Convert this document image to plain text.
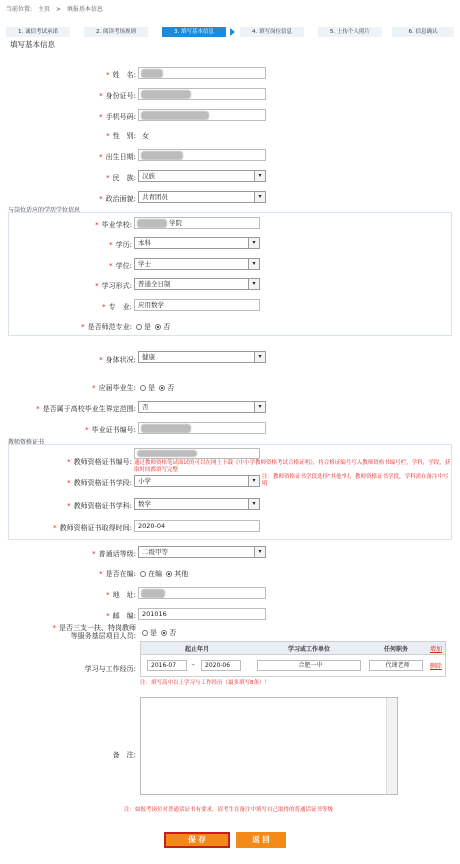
当前位置: 主页 > 填报基本信息
1. 诚信考试承诺	2. 阅读考场规则	3. 填写基本信息	4. 填写岗位信息	5. 上传个人照片	6. 信息确认
填写基本信息
* 姓　名:
* 身份证号:
* 手机号码:
* 性　别: 女
* 出生日期:
* 民　族: 汉族	▾
* 政治面貌: 共青团员	▾
与岗位适应的学历学位信息
* 毕业学校:	学院
* 学历: 本科	▾
* 学位: 学士	▾
* 学习形式: 普通全日制	▾
* 专　业: 应用数学
* 是否师范专业:	是 否
* 身体状况: 健康	▾
* 应届毕业生:	是 否
* 是否属于高校毕业生界定范围: 否	▾
* 毕业证书编号:
教师资格证书
* 教师资格证书编号: 通过教师资格笔试面试的可以在网上下载《中小学教师资格考试合格证明》，将合格证编号写入教师资格书编号栏，学科，学段，获取时间都填写完整
* 教师资格证书学段: 小学	▾	注：教师资格证书学段选择"其他"时，教师资格证书学段，学科需在备注中写明
* 教师资格证书学科: 数学	▾
* 教师资格证书取得时间: 2020-04
* 普通话等级: 二级甲等	▾
* 是否在编:	在编 其他
* 地　址:
* 邮　编: 201016
* 是否三支一扶、特岗教师
等服务基层项目人员:	是 否
学习与工作经历:
起止年月	学习或工作单位	任何职务	增加
2016-07	-	2020-06	合肥一中	代课老师	删除
注：填写高中以上学习与工作经历（最多填写8条）！
备　注:
注：如报考岗位对普通话证书有要求，请考生在备注中填写自己取得的普通话证书等级
保 存	返 回
